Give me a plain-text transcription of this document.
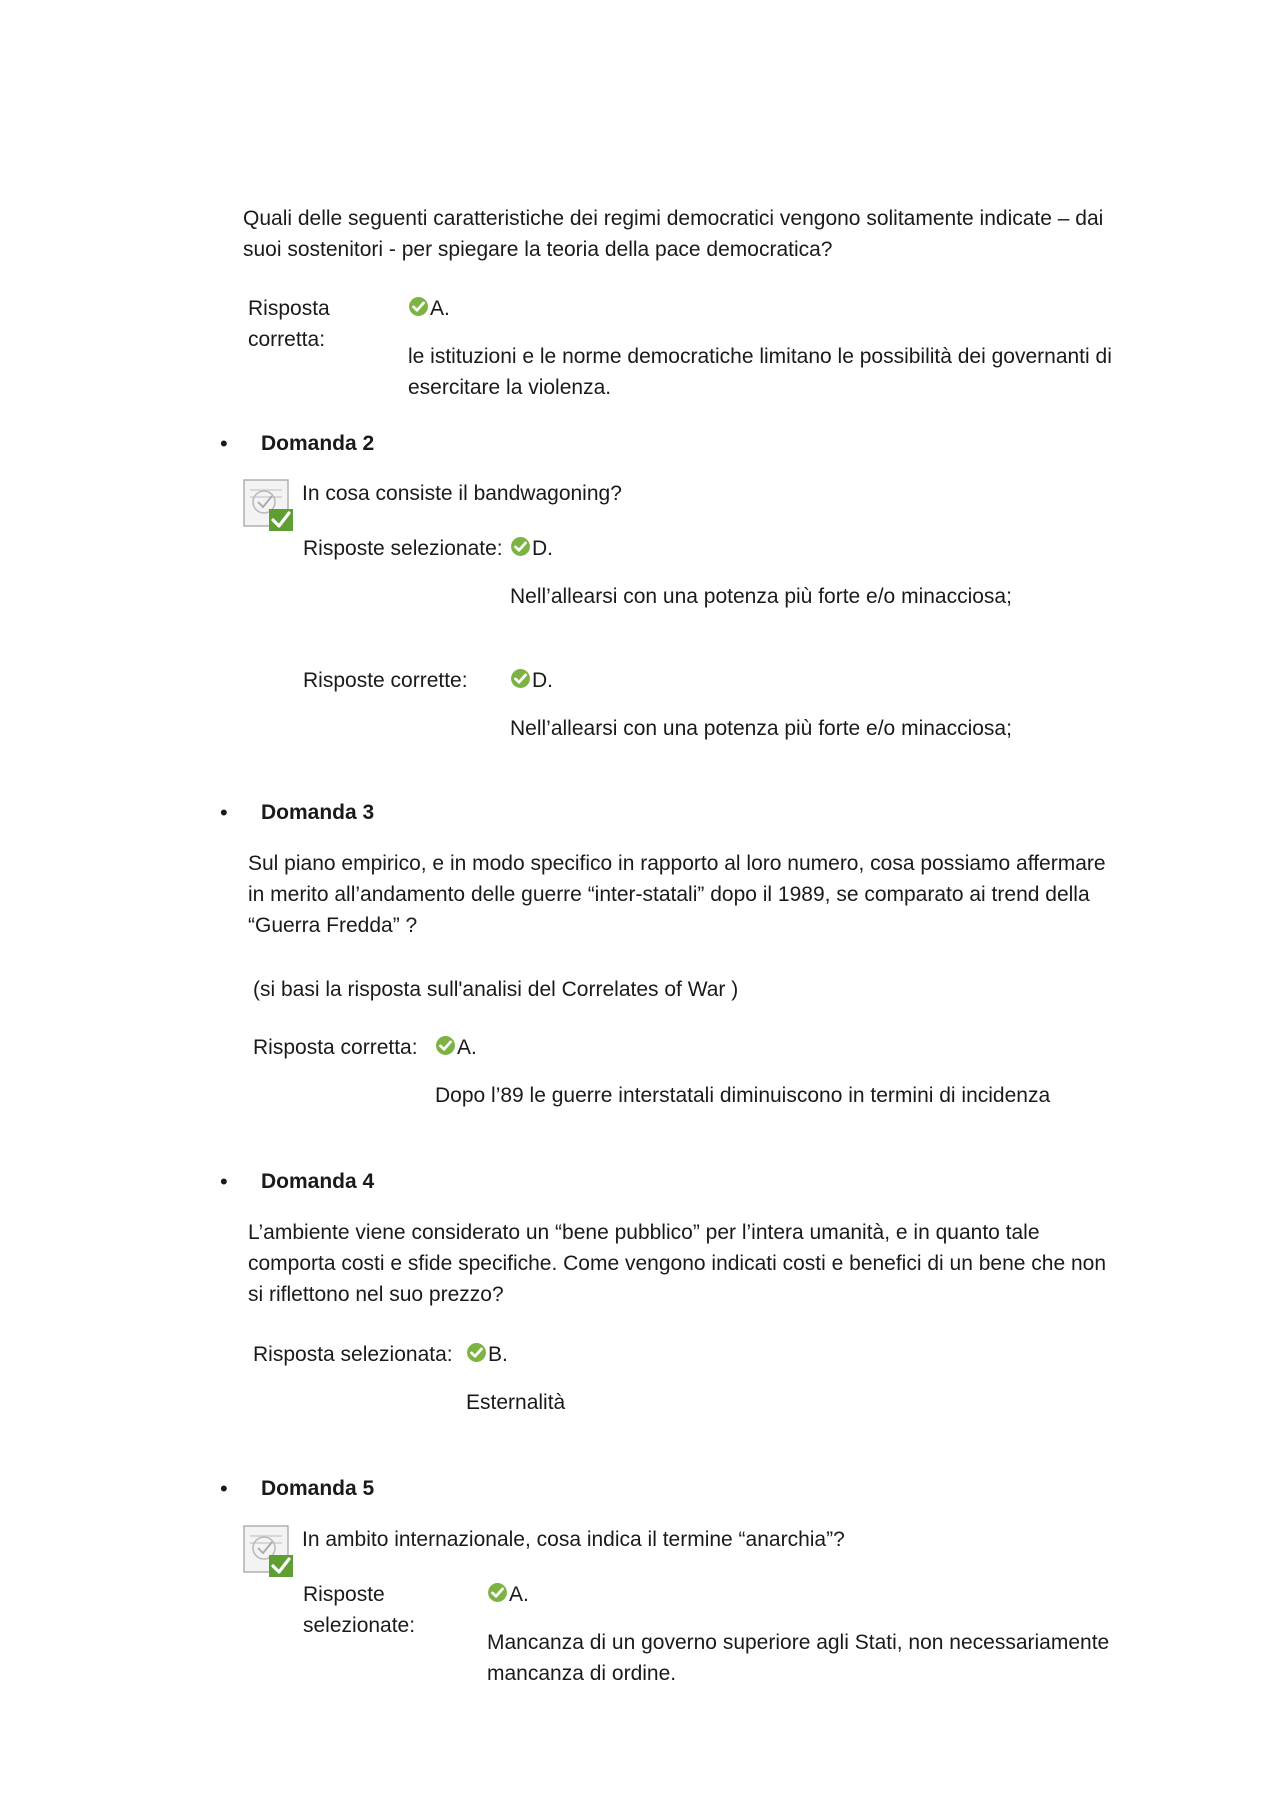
Quali delle seguenti caratteristiche dei regimi democratici vengono solitamente indicate – dai

suoi sostenitori - per spiegare la teoria della pace democratica?

Risposta

corretta:

A.

le istituzioni e le norme democratiche limitano le possibilità dei governanti di

esercitare la violenza.

• Domanda 2

In cosa consiste il bandwagoning?

Risposte selezionate:	D.

Nell’allearsi con una potenza più forte e/o minacciosa;

Risposte corrette:	D.

Nell’allearsi con una potenza più forte e/o minacciosa;

• Domanda 3

Sul piano empirico, e in modo specifico in rapporto al loro numero, cosa possiamo affermare

in merito all’andamento delle guerre “inter-statali” dopo il 1989, se comparato ai trend della

“Guerra Fredda” ?

(si basi la risposta sull'analisi del Correlates of War )

Risposta corretta:	A.

Dopo l’89 le guerre interstatali diminuiscono in termini di incidenza

• Domanda 4

L’ambiente viene considerato un “bene pubblico” per l’intera umanità, e in quanto tale

comporta costi e sfide specifiche. Come vengono indicati costi e benefici di un bene che non

si riflettono nel suo prezzo?

Risposta selezionata:	B.

Esternalità

• Domanda 5

In ambito internazionale, cosa indica il termine “anarchia”?

Risposte

selezionate:

A.

Mancanza di un governo superiore agli Stati, non necessariamente

mancanza di ordine.
